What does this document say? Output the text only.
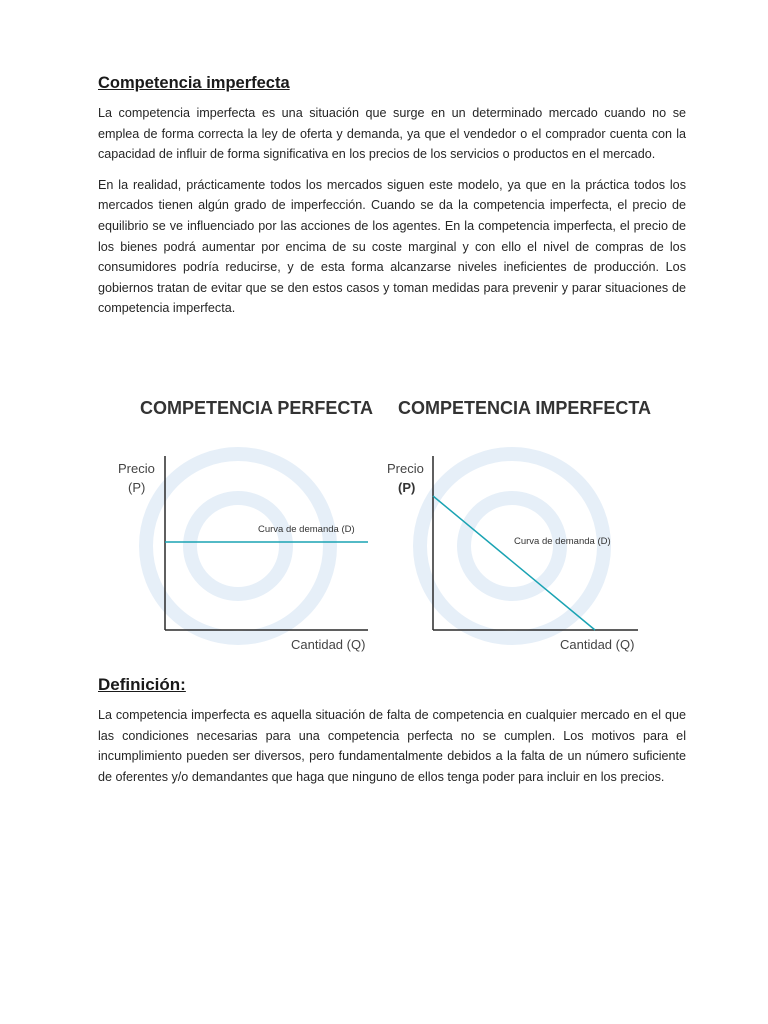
Competencia imperfecta

La competencia imperfecta es una situación que surge en un determinado mercado cuando no se emplea de forma correcta la ley de oferta y demanda, ya que el vendedor o el comprador cuenta con la capacidad de influir de forma significativa en los precios de los servicios o productos en el mercado.

En la realidad, prácticamente todos los mercados siguen este modelo, ya que en la práctica todos los mercados tienen algún grado de imperfección. Cuando se da la competencia imperfecta, el precio de equilibrio se ve influenciado por las acciones de los agentes. En la competencia imperfecta, el precio de los bienes podrá aumentar por encima de su coste marginal y con ello el nivel de compras de los consumidores podría reducirse, y de esta forma alcanzarse niveles ineficientes de producción. Los gobiernos tratan de evitar que se den estos casos y toman medidas para prevenir y parar situaciones de competencia imperfecta.

COMPETENCIA PERFECTA COMPETENCIA IMPERFECTA
Precio
(P)
Curva de demanda (D)
Cantidad (Q)
Precio
(P)
Curva de demanda (D)
Cantidad (Q)
Definición:

La competencia imperfecta es aquella situación de falta de competencia en cualquier mercado en el que las condiciones necesarias para una competencia perfecta no se cumplen. Los motivos para el incumplimiento pueden ser diversos, pero fundamentalmente debidos a la falta de un número suficiente de oferentes y/o demandantes que haga que ninguno de ellos tenga poder para incluir en los precios.
